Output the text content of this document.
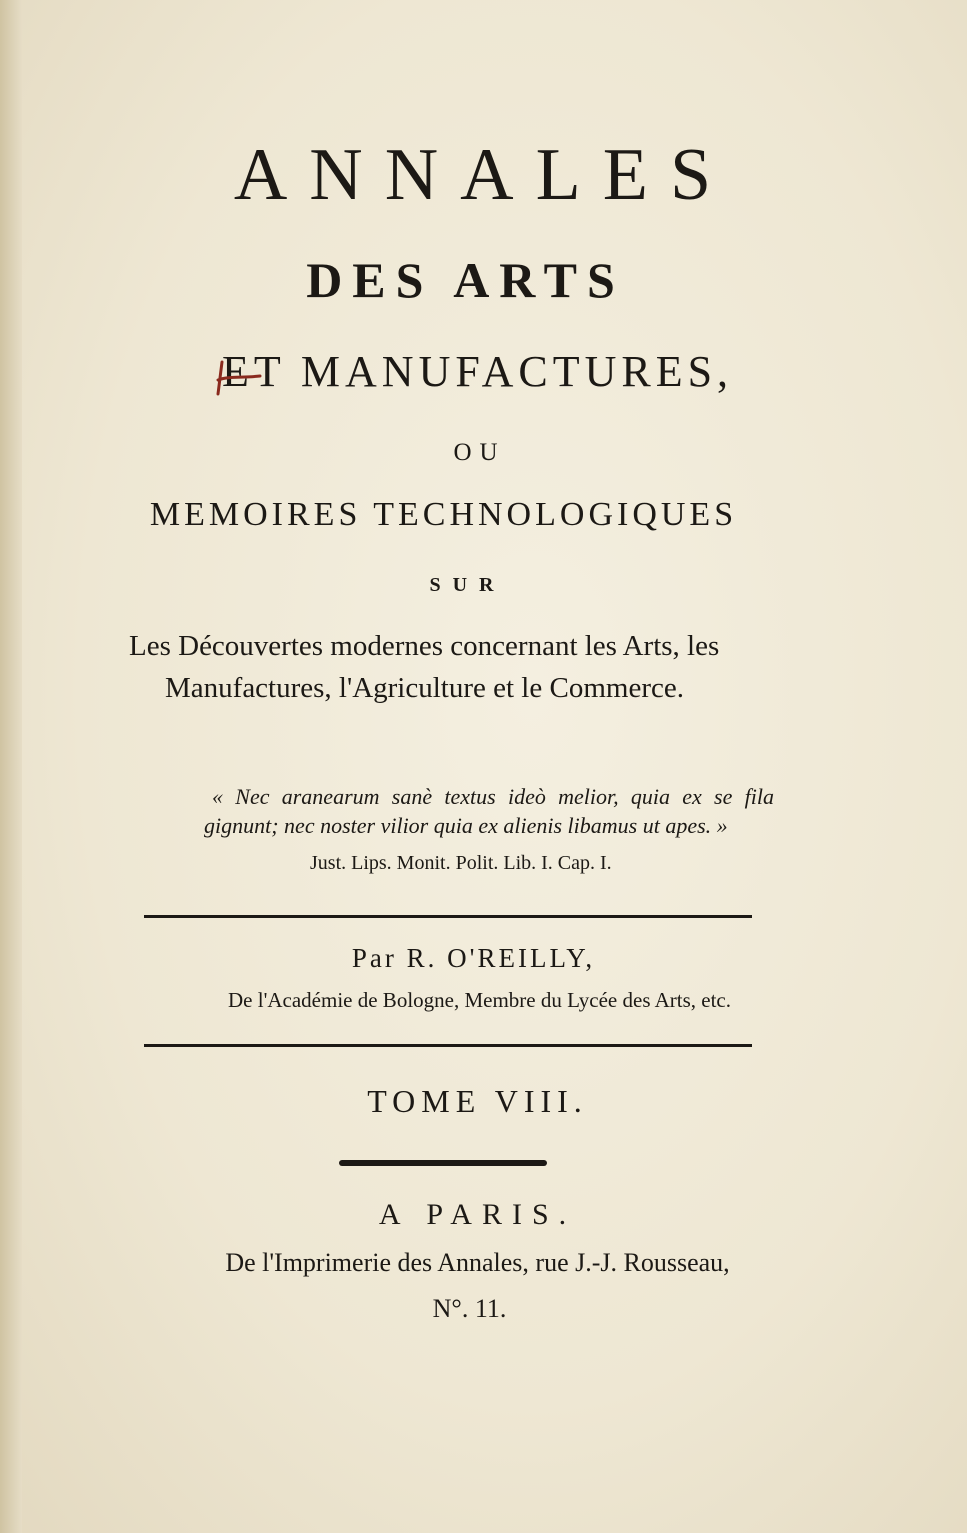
ANNALES
DES ARTS
ET MANUFACTURES,
OU
MEMOIRES TECHNOLOGIQUES
SUR
Les Découvertes modernes concernant les Arts, les Manufactures, l'Agriculture et le Commerce.
« Nec aranearum sanè textus ideò melior, quia ex se fila gignunt; nec noster vilior quia ex alienis libamus ut apes. »
Just. Lips. Monit. Polit. Lib. I. Cap. I.
Par R. O'REILLY,
De l'Académie de Bologne, Membre du Lycée des Arts, etc.
TOME VIII.
A PARIS.
De l'Imprimerie des Annales, rue J.-J. Rousseau,
N°. 11.
